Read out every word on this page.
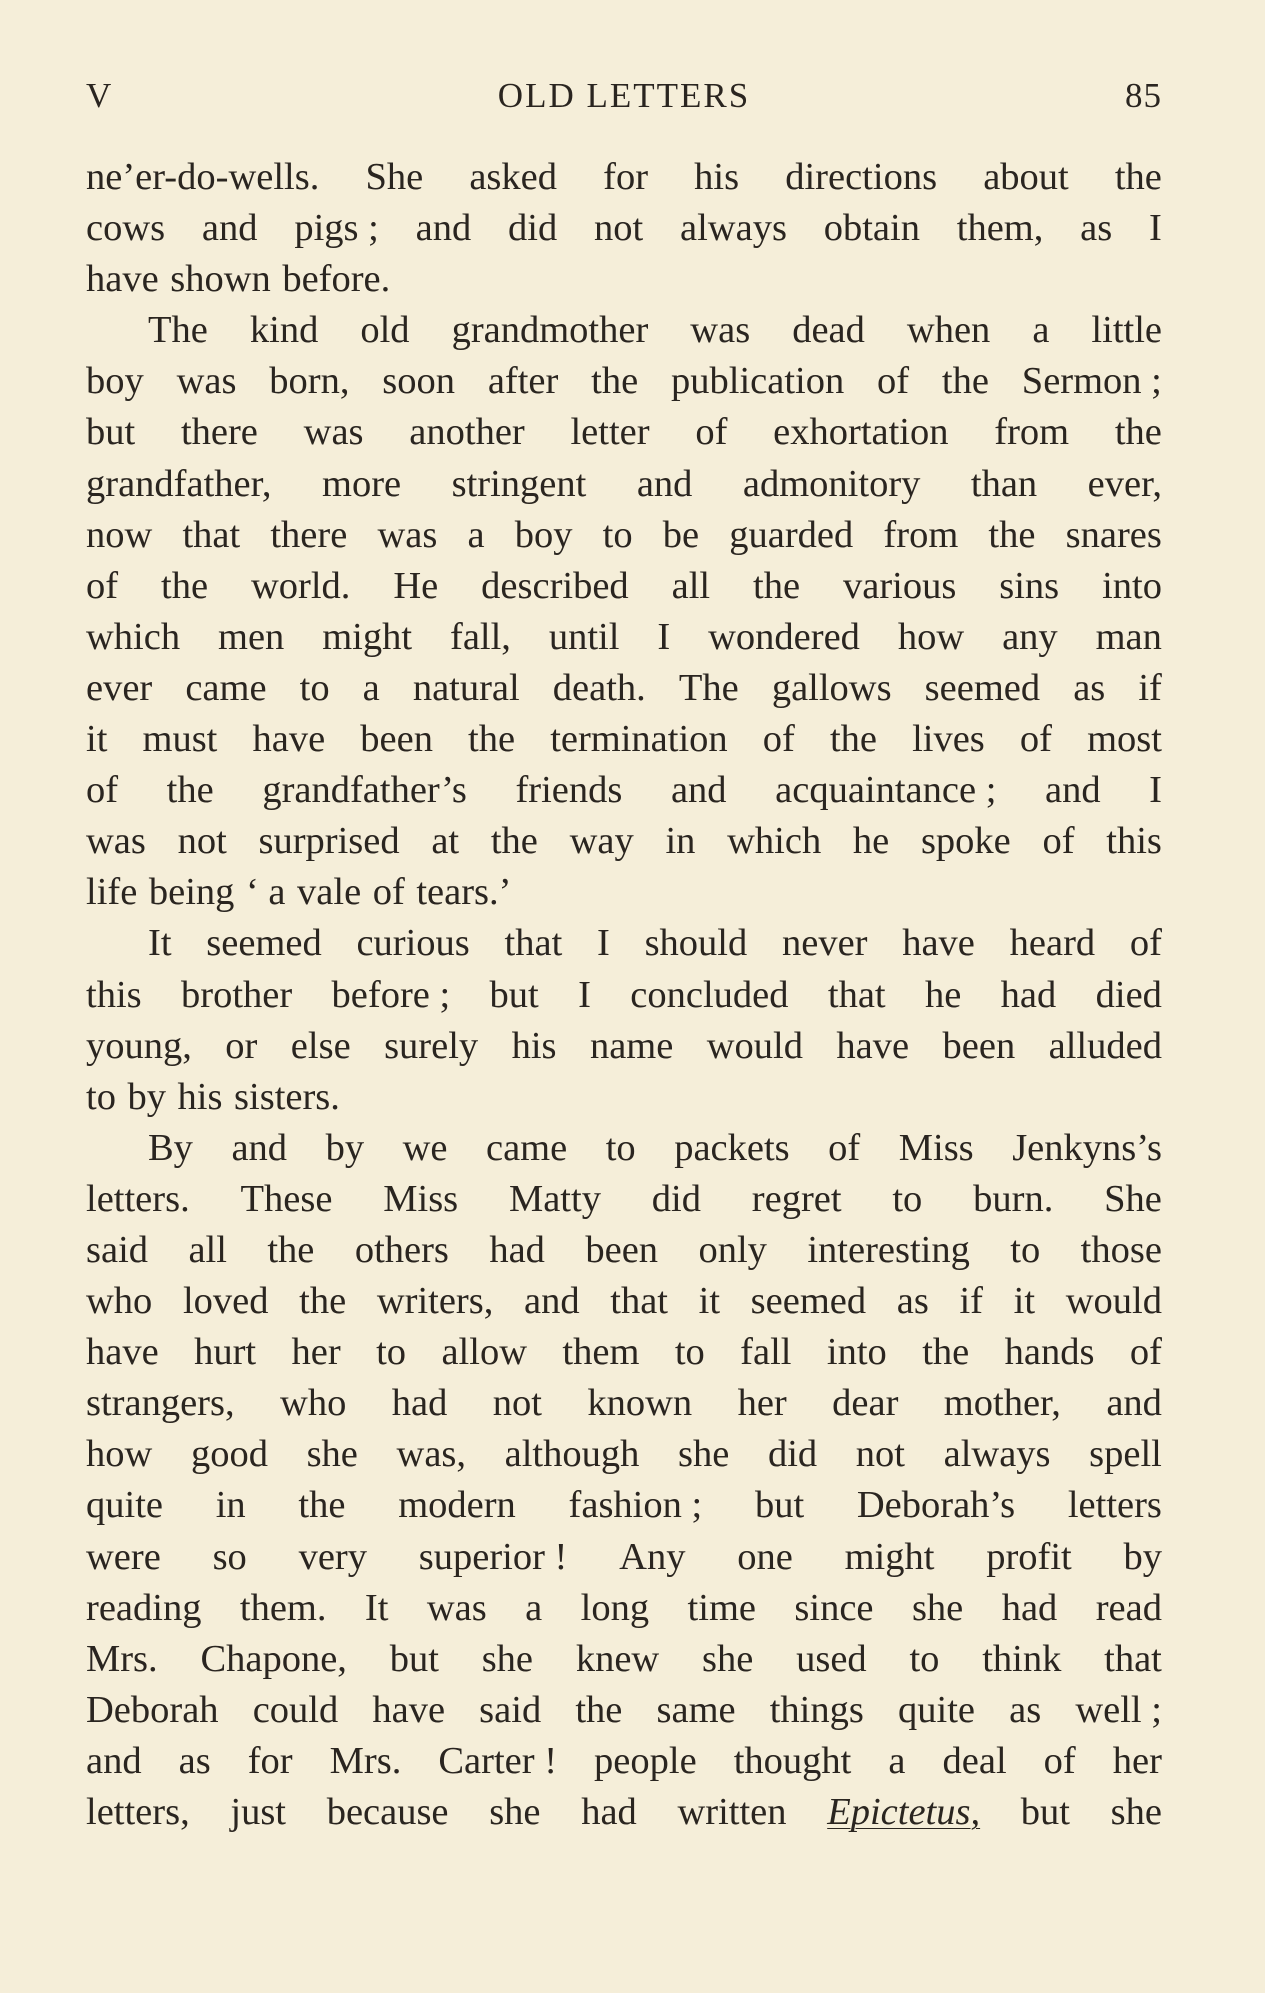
V	OLD LETTERS	85
ne’er-do-wells. She asked for his directions about the
cows and pigs ; and did not always obtain them, as I
have shown before.
The kind old grandmother was dead when a little
boy was born, soon after the publication of the Sermon ;
but there was another letter of exhortation from the
grandfather, more stringent and admonitory than ever,
now that there was a boy to be guarded from the snares
of the world. He described all the various sins into
which men might fall, until I wondered how any man
ever came to a natural death. The gallows seemed as if
it must have been the termination of the lives of most
of the grandfather’s friends and acquaintance ; and I
was not surprised at the way in which he spoke of this
life being ‘ a vale of tears.’
It seemed curious that I should never have heard of
this brother before ; but I concluded that he had died
young, or else surely his name would have been alluded
to by his sisters.
By and by we came to packets of Miss Jenkyns’s
letters. These Miss Matty did regret to burn. She
said all the others had been only interesting to those
who loved the writers, and that it seemed as if it would
have hurt her to allow them to fall into the hands of
strangers, who had not known her dear mother, and
how good she was, although she did not always spell
quite in the modern fashion ; but Deborah’s letters
were so very superior ! Any one might profit by
reading them. It was a long time since she had read
Mrs. Chapone, but she knew she used to think that
Deborah could have said the same things quite as well ;
and as for Mrs. Carter ! people thought a deal of her
letters, just because she had written Epictetus, but she
